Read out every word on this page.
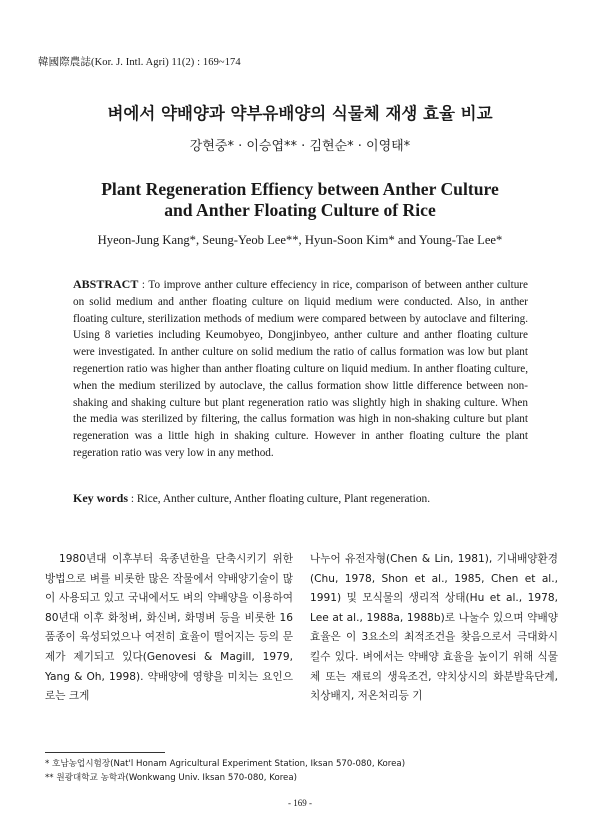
韓國際農誌(Kor. J. Intl. Agri) 11(2) : 169~174
벼에서 약배양과 약부유배양의 식물체 재생 효율 비교
강현중* · 이승엽** · 김현순* · 이영태*
Plant Regeneration Effiency between Anther Culture
and Anther Floating Culture of Rice
Hyeon-Jung Kang*, Seung-Yeob Lee**, Hyun-Soon Kim* and Young-Tae Lee*
ABSTRACT : To improve anther culture effeciency in rice, comparison of between anther culture on solid medium and anther floating culture on liquid medium were conducted. Also, in anther floating culture, sterilization methods of medium were compared between by autoclave and filtering. Using 8 varieties including Keumobyeo, Dongjinbyeo, anther culture and anther floating culture were investigated. In anther culture on solid medium the ratio of callus formation was low but plant regenertion ratio was higher than anther floating culture on liquid medium. In anther floating culture, when the medium sterilized by autoclave, the callus formation show little difference between non-shaking and shaking culture but plant regeneration ratio was slightly high in shaking culture. When the media was sterilized by filtering, the callus formation was high in non-shaking culture but plant regeneration was a little high in shaking culture. However in anther floating culture the plant regeration ratio was very low in any method.
Key words : Rice, Anther culture, Anther floating culture, Plant regeneration.
1980년대 이후부터 육종년한을 단축시키기 위한 방법으로 벼를 비롯한 많은 작물에서 약배양기술이 많이 사용되고 있고 국내에서도 벼의 약배양을 이용하여 80년대 이후 화청벼, 화신벼, 화명벼 등을 비롯한 16품종이 육성되었으나 여전히 효율이 떨어지는 등의 문제가 제기되고 있다(Genovesi & Magill, 1979, Yang & Oh, 1998). 약배양에 영향을 미치는 요인으로는 크게
나누어 유전자형(Chen & Lin, 1981), 기내배양환경(Chu, 1978, Shon et al., 1985, Chen et al., 1991) 및 모식물의 생리적 상태(Hu et al., 1978, Lee at al., 1988a, 1988b)로 나눌수 있으며 약배양 효율은 이 3요소의 최적조건을 찾음으로서 극대화시킬수 있다. 벼에서는 약배양 효율을 높이기 위해 식물체 또는 재료의 생육조건, 약치상시의 화분발육단계, 치상배지, 저온처리등 기
* 호남농업시험장(Nat'l Honam Agricultural Experiment Station, Iksan 570-080, Korea)
** 원광대학교 농학과(Wonkwang Univ. Iksan 570-080, Korea)
- 169 -
